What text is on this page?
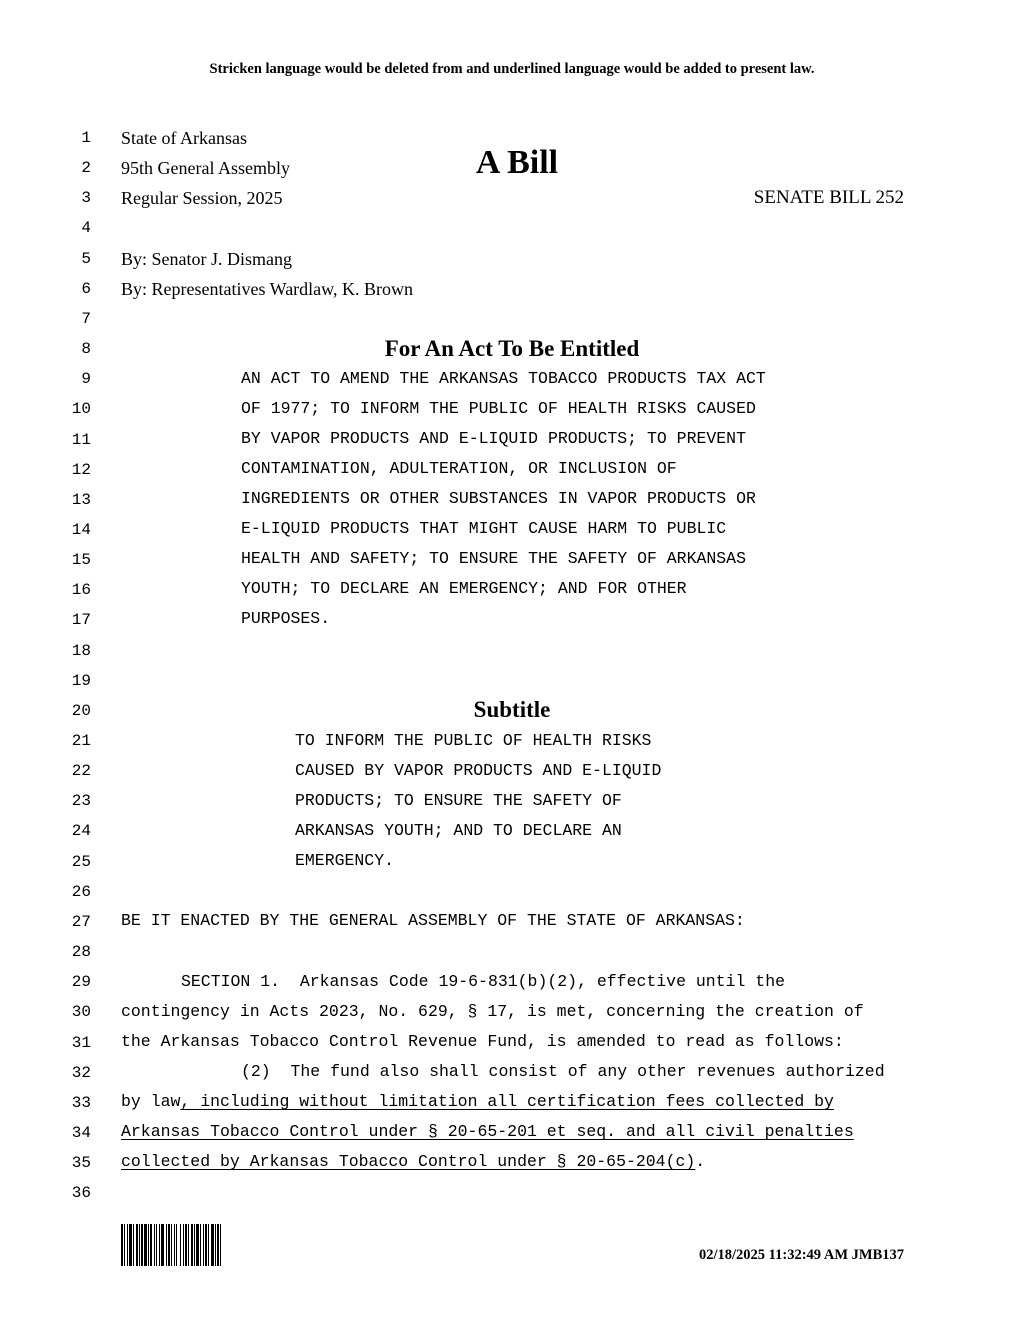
Stricken language would be deleted from and underlined language would be added to present law.
1
2
3
4
5
6
7
8
9
10
11
12
13
14
15
16
17
18
19
20
21
22
23
24
25
26
27
28
29
30
31
32
33
34
35
36
State of Arkansas
95th General Assembly
Regular Session, 2025
A Bill
SENATE BILL 252
By: Senator J. Dismang
By: Representatives Wardlaw, K. Brown
For An Act To Be Entitled
AN ACT TO AMEND THE ARKANSAS TOBACCO PRODUCTS TAX ACT
OF 1977; TO INFORM THE PUBLIC OF HEALTH RISKS CAUSED
BY VAPOR PRODUCTS AND E-LIQUID PRODUCTS; TO PREVENT
CONTAMINATION, ADULTERATION, OR INCLUSION OF
INGREDIENTS OR OTHER SUBSTANCES IN VAPOR PRODUCTS OR
E-LIQUID PRODUCTS THAT MIGHT CAUSE HARM TO PUBLIC
HEALTH AND SAFETY; TO ENSURE THE SAFETY OF ARKANSAS
YOUTH; TO DECLARE AN EMERGENCY; AND FOR OTHER
PURPOSES.
Subtitle
TO INFORM THE PUBLIC OF HEALTH RISKS
CAUSED BY VAPOR PRODUCTS AND E-LIQUID
PRODUCTS; TO ENSURE THE SAFETY OF
ARKANSAS YOUTH; AND TO DECLARE AN
EMERGENCY.
BE IT ENACTED BY THE GENERAL ASSEMBLY OF THE STATE OF ARKANSAS:
SECTION 1.  Arkansas Code 19-6-831(b)(2), effective until the
contingency in Acts 2023, No. 629, § 17, is met, concerning the creation of
the Arkansas Tobacco Control Revenue Fund, is amended to read as follows:
(2)  The fund also shall consist of any other revenues authorized
by law, including without limitation all certification fees collected by
Arkansas Tobacco Control under § 20-65-201 et seq. and all civil penalties
collected by Arkansas Tobacco Control under § 20-65-204(c).
02/18/2025 11:32:49 AM JMB137
